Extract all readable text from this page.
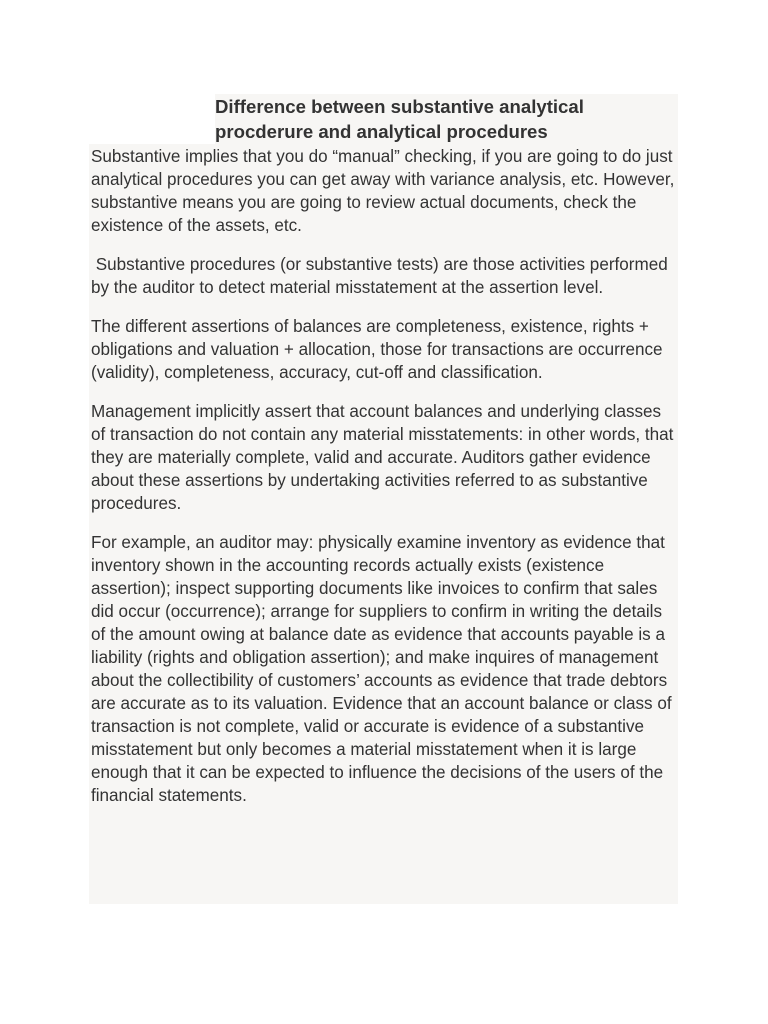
Difference between substantive analytical procderure and analytical procedures

Substantive implies that you do “manual” checking, if you are going to do just analytical procedures you can get away with variance analysis, etc. However, substantive means you are going to review actual documents, check the existence of the assets, etc.

Substantive procedures (or substantive tests) are those activities performed by the auditor to detect material misstatement at the assertion level.

The different assertions of balances are completeness, existence, rights + obligations and valuation + allocation, those for transactions are occurrence (validity), completeness, accuracy, cut-off and classification.

Management implicitly assert that account balances and underlying classes of transaction do not contain any material misstatements: in other words, that they are materially complete, valid and accurate. Auditors gather evidence about these assertions by undertaking activities referred to as substantive procedures.

For example, an auditor may: physically examine inventory as evidence that inventory shown in the accounting records actually exists (existence assertion); inspect supporting documents like invoices to confirm that sales did occur (occurrence); arrange for suppliers to confirm in writing the details of the amount owing at balance date as evidence that accounts payable is a liability (rights and obligation assertion); and make inquires of management about the collectibility of customers’ accounts as evidence that trade debtors are accurate as to its valuation. Evidence that an account balance or class of transaction is not complete, valid or accurate is evidence of a substantive misstatement but only becomes a material misstatement when it is large enough that it can be expected to influence the decisions of the users of the financial statements.
